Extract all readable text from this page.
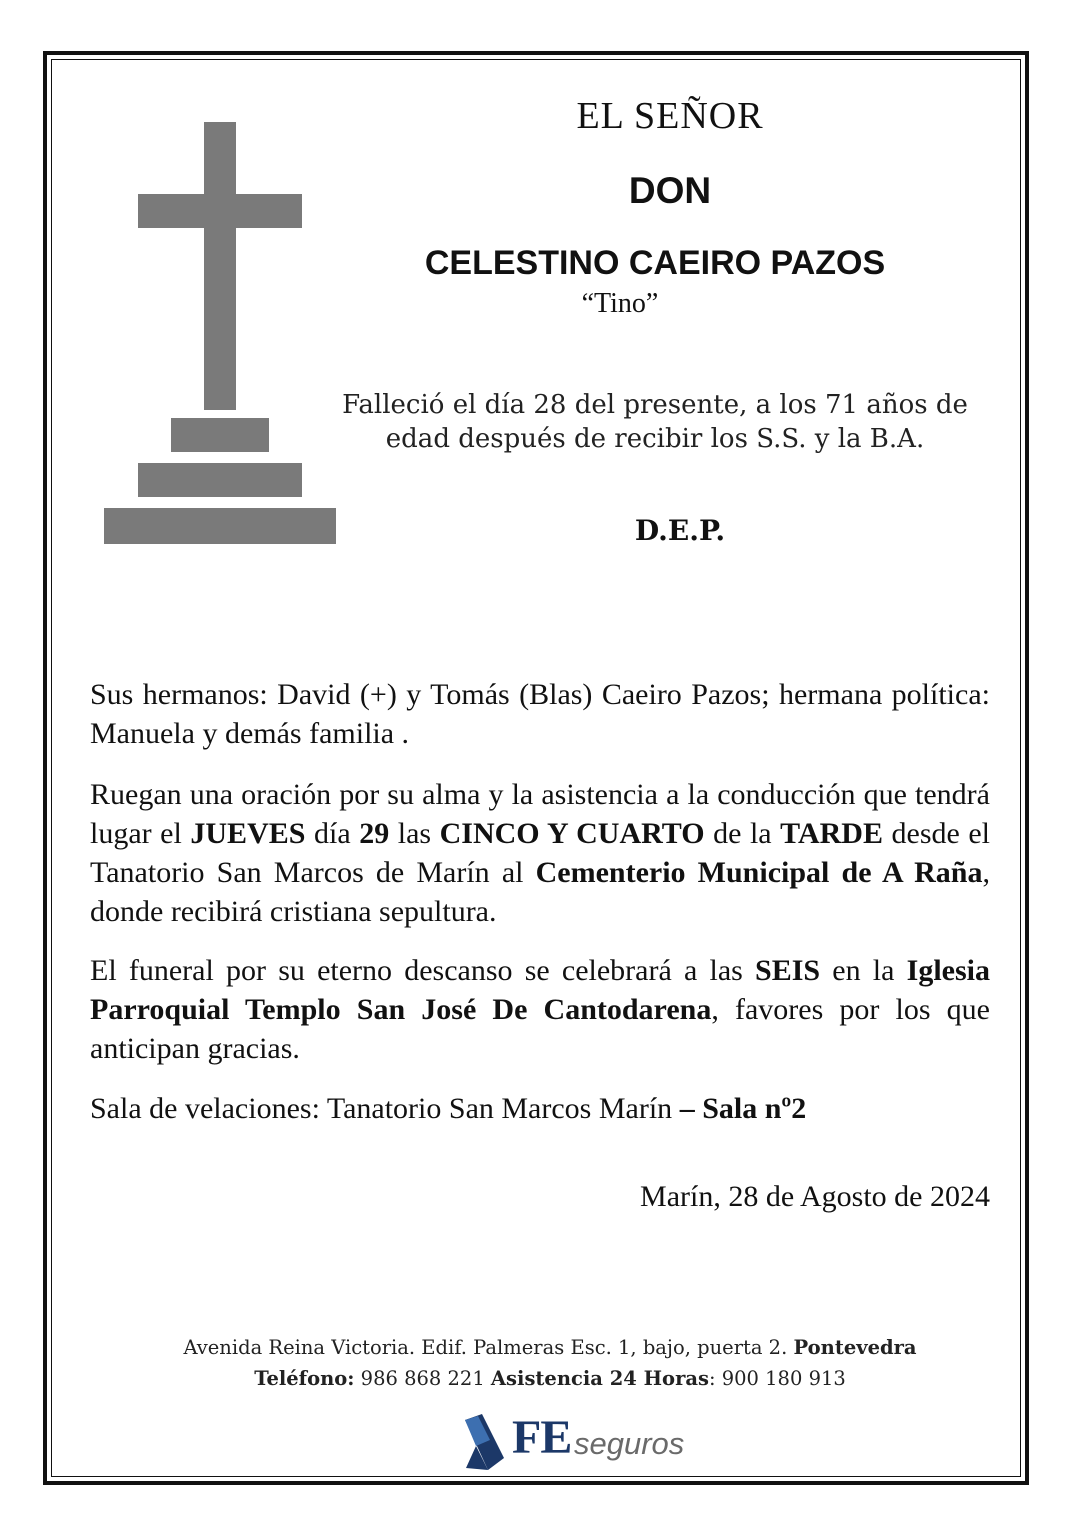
EL SEÑOR
DON
CELESTINO CAEIRO PAZOS
“Tino”
Falleció el día 28 del presente, a los 71 años de
edad después de recibir los S.S. y la B.A.
D.E.P.
Sus hermanos: David (+) y Tomás (Blas) Caeiro Pazos; hermana política: Manuela y demás familia .
Ruegan una oración por su alma y la asistencia a la conducción que tendrá lugar el JUEVES día 29 las CINCO Y CUARTO de la TARDE desde el Tanatorio San Marcos de Marín al Cementerio Municipal de A Raña, donde recibirá cristiana sepultura.
El funeral por su eterno descanso se celebrará a las SEIS en la Iglesia Parroquial Templo San José De Cantodarena, favores por los que anticipan gracias.
Sala de velaciones: Tanatorio San Marcos Marín – Sala nº2
Marín, 28 de Agosto de 2024
Avenida Reina Victoria. Edif. Palmeras Esc. 1, bajo, puerta 2. Pontevedra
Teléfono: 986 868 221 Asistencia 24 Horas: 900 180 913
FE seguros
